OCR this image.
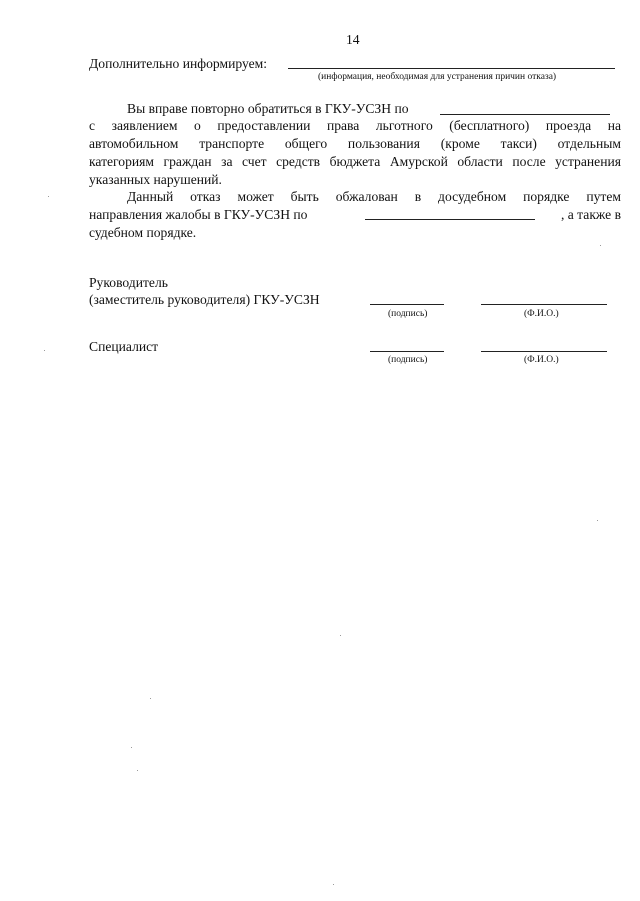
14
Дополнительно информируем:
(информация, необходимая для устранения причин отказа)
Вы вправе повторно обратиться в ГКУ-УСЗН по
с заявлением о предоставлении права льготного (бесплатного) проезда на
автомобильном транспорте общего пользования (кроме такси) отдельным
категориям граждан за счет средств бюджета Амурской области после устранения
указанных нарушений.
Данный отказ может быть обжалован в досудебном порядке путем
направления жалобы в ГКУ-УСЗН по	, а также в
судебном порядке.
Руководитель
(заместитель руководителя) ГКУ-УСЗН
(подпись)	(Ф.И.О.)
Специалист
(подпись)	(Ф.И.О.)
